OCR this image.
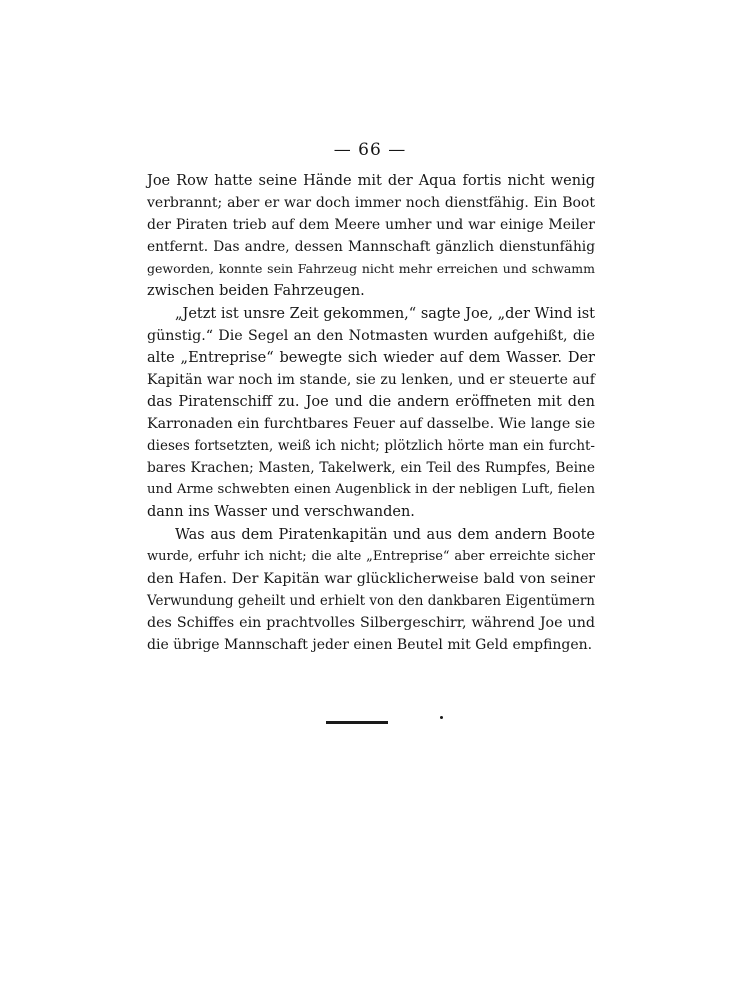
— 66 —
Joe Row hatte seine Hände mit der Aqua fortis nicht wenig
verbrannt; aber er war doch immer noch dienstfähig. Ein Boot
der Piraten trieb auf dem Meere umher und war einige Meiler
entfernt. Das andre, dessen Mannschaft gänzlich dienstunfähig
geworden, konnte sein Fahrzeug nicht mehr erreichen und schwamm
zwischen beiden Fahrzeugen.
„Jetzt ist unsre Zeit gekommen,“ sagte Joe, „der Wind ist
günstig.“ Die Segel an den Notmasten wurden aufgehißt, die
alte „Entreprise“ bewegte sich wieder auf dem Wasser. Der
Kapitän war noch im stande, sie zu lenken, und er steuerte auf
das Piratenschiff zu. Joe und die andern eröffneten mit den
Karronaden ein furchtbares Feuer auf dasselbe. Wie lange sie
dieses fortsetzten, weiß ich nicht; plötzlich hörte man ein furcht-
bares Krachen; Masten, Takelwerk, ein Teil des Rumpfes, Beine
und Arme schwebten einen Augenblick in der nebligen Luft, fielen
dann ins Wasser und verschwanden.
Was aus dem Piratenkapitän und aus dem andern Boote
wurde, erfuhr ich nicht; die alte „Entreprise“ aber erreichte sicher
den Hafen. Der Kapitän war glücklicherweise bald von seiner
Verwundung geheilt und erhielt von den dankbaren Eigentümern
des Schiffes ein prachtvolles Silbergeschirr, während Joe und
die übrige Mannschaft jeder einen Beutel mit Geld empfingen.
